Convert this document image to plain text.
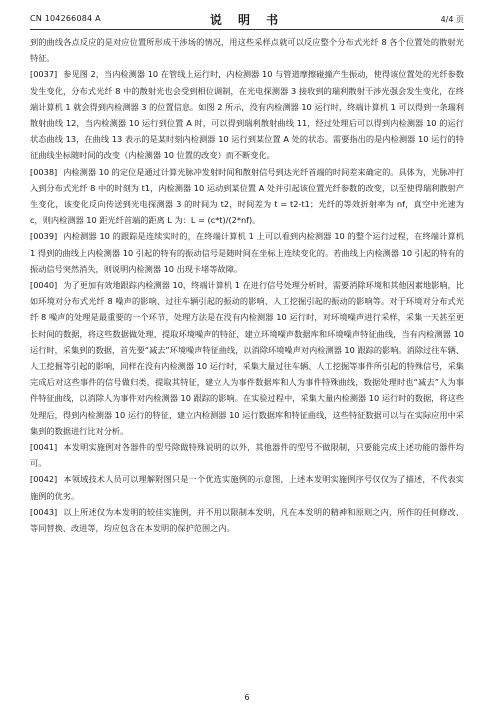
CN 104266084 A	说 明 书	4/4 页

到的曲线各点反应的是对应位置所形成干涉场的情况，用这些采样点就可以反应整个分布式光纤 8 各个位置处的散射光特征。

[0037] 参见图 2，当内检测器 10 在管线上运行时，内检测器 10 与管道摩擦碰撞产生振动，使得该位置处的光纤参数发生变化，分布式光纤 8 中的散射光也会受到相位调制，在光电探测器 3 接收到的瑞利散射干涉光强会发生变化，在终端计算机 1 就会得到内检测器 3 的位置信息。如图 2 所示，没有内检测器 10 运行时，终端计算机 1 可以得到一条瑞利散射曲线 12，当内检测器 10 运行到位置 A 时，可以得到瑞利散射曲线 11，经过处理后可以得到内检测器 10 的运行状态曲线 13，在曲线 13 表示的是某时刻内检测器 10 运行到某位置 A 处的状态。需要指出的是内检测器 10 运行的特征曲线坐标随时间的改变（内检测器 10 位置的改变）而不断变化。

[0038] 内检测器 10 的定位是通过计算光脉冲发射时间和散射信号到达光纤首端的时间差来确定的。具体为，光脉冲打入到分布式光纤 8 中的时刻为 t1，内检测器 10 运动到某位置 A 处并引起该位置光纤参数的改变，以至使得瑞利散射产生变化，该变化反向传送到光电探测器 3 的时间为 t2，时间差为 t = t2-t1；光纤的等效折射率为 nf，真空中光速为 c，则内检测器 10 距光纤首端的距离 L 为：L = (c*t)/(2*nf)。

[0039] 内检测器 10 的跟踪是连续实时的，在终端计算机 1 上可以看到内检测器 10 的整个运行过程，在终端计算机 1 得到的曲线上内检测器 10 引起的特有的振动信号是随时间在坐标上连续变化的。若曲线上内检测器 10 引起的特有的振动信号突然消失，则说明内检测器 10 出现卡堵等故障。

[0040] 为了更加有效地跟踪内检测器 10，终端计算机 1 在进行信号处理分析时，需要消除环境和其他因素地影响，比如环境对分布式光纤 8 噪声的影响、过往车辆引起的振动的影响、人工挖掘引起的振动的影响等。对于环境对分布式光纤 8 噪声的处理是最重要的一个环节，处理方法是在没有内检测器 10 运行时，对环境噪声进行采样，采集一天甚至更长时间的数据，将这些数据做处理，提取环境噪声的特征，建立环境噪声数据库和环境噪声特征曲线，当有内检测器 10 运行时，采集到的数据，首先要“减去”环境噪声特征曲线，以消除环境噪声对内检测器 10 跟踪的影响。消除过往车辆、人工挖掘等引起的影响，同样在没有内检测器 10 运行时，采集大量过往车辆、人工挖掘等事件所引起的特殊信号，采集完成后对这些事件的信号做归类，提取其特征，建立人为事件数据库和人为事件特殊曲线，数据处理时也“减去”人为事件特征曲线，以消除人为事件对内检测器 10 跟踪的影响。在实验过程中，采集大量内检测器 10 运行时的数据，将这些处理后，得到内检测器 10 运行的特征，建立内检测器 10 运行数据库和特征曲线，这些特征数据可以与在实际应用中采集到的数据进行比对分析。

[0041] 本发明实施例对各器件的型号除做特殊说明的以外，其他器件的型号不做限制，只要能完成上述功能的器件均可。

[0042] 本领域技术人员可以理解附图只是一个优选实施例的示意图，上述本发明实施例序号仅仅为了描述，不代表实施例的优劣。

[0043] 以上所述仅为本发明的较佳实施例，并不用以限制本发明，凡在本发明的精神和原则之内，所作的任何修改、等同替换、改进等，均应包含在本发明的保护范围之内。

6
